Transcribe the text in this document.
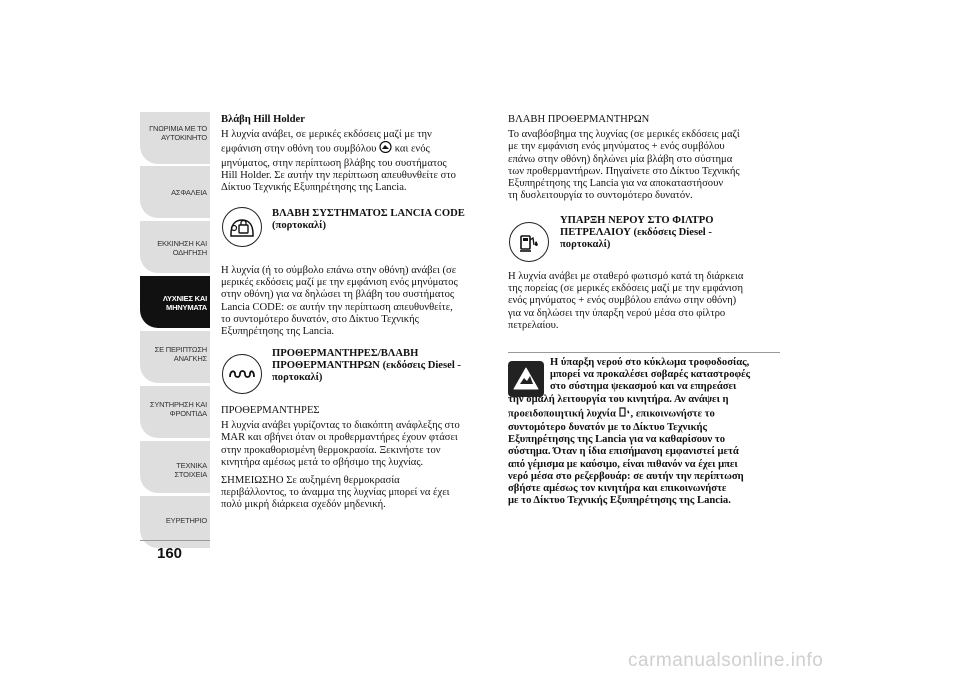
ΓΝΩΡΙΜΙΑ ΜΕ ΤΟ
ΑΥΤΟΚΙΝΗΤΟ
ΑΣΦΑΛΕΙΑ
ΕΚΚΙΝΗΣΗ ΚΑΙ
ΟΔΗΓΗΣΗ
ΛΥΧΝΙΕΣ ΚΑΙ
ΜΗΝΥΜΑΤΑ
ΣΕ ΠΕΡΙΠΤΩΣΗ
ΑΝΑΓΚΗΣ
ΣΥΝΤΗΡΗΣΗ ΚΑΙ
ΦΡΟΝΤΙΔΑ
ΤΕΧΝΙΚΑ ΣΤΟΙΧΕΙΑ
ΕΥΡΕΤΗΡΙΟ
160

Βλάβη Hill Holder

Η λυχνία ανάβει, σε μερικές εκδόσεις μαζί με την

εμφάνιση στην οθόνη του συμβόλου και ενός

μηνύματος, στην περίπτωση βλάβης του συστήματος

Hill Holder. Σε αυτήν την περίπτωση απευθυνθείτε στο

Δίκτυο Τεχνικής Εξυπηρέτησης της Lancia.

ΒΛΑΒΗ ΣΥΣΤΗΜΑΤΟΣ LANCIA CODE
(πορτοκαλί)

Η λυχνία (ή το σύμβολο επάνω στην οθόνη) ανάβει (σε

μερικές εκδόσεις μαζί με την εμφάνιση ενός μηνύματος

στην οθόνη) για να δηλώσει τη βλάβη του συστήματος

Lancia CODE: σε αυτήν την περίπτωση απευθυνθείτε,

το συντομότερο δυνατόν, στο Δίκτυο Τεχνικής

Εξυπηρέτησης της Lancia.

ΠΡΟΘΕΡΜΑΝΤΗΡΕΣ/ΒΛΑΒΗ
ΠΡΟΘΕΡΜΑΝΤΗΡΩΝ (εκδόσεις Diesel -
πορτοκαλί)

ΠΡΟΘΕΡΜΑΝΤΗΡΕΣ

Η λυχνία ανάβει γυρίζοντας το διακόπτη ανάφλεξης στο

MAR και σβήνει όταν οι προθερμαντήρες έχουν φτάσει

στην προκαθορισμένη θερμοκρασία. Ξεκινήστε τον

κινητήρα αμέσως μετά το σβήσιμο της λυχνίας.

ΣΗΜΕΙΩΣΗΟ Σε αυξημένη θερμοκρασία

περιβάλλοντος, το άναμμα της λυχνίας μπορεί να έχει

πολύ μικρή διάρκεια σχεδόν μηδενική.

ΒΛΑΒΗ ΠΡΟΘΕΡΜΑΝΤΗΡΩΝ

Το αναβόσβημα της λυχνίας (σε μερικές εκδόσεις μαζί

με την εμφάνιση ενός μηνύματος + ενός συμβόλου

επάνω στην οθόνη) δηλώνει μία βλάβη στο σύστημα

των προθερμαντήρων. Πηγαίνετε στο Δίκτυο Τεχνικής

Εξυπηρέτησης της Lancia για να αποκαταστήσουν

τη δυσλειτουργία το συντομότερο δυνατόν.

ΥΠΑΡΞΗ ΝΕΡΟΥ ΣΤΟ ΦΙΛΤΡΟ
ΠΕΤΡΕΛΑΙΟΥ (εκδόσεις Diesel -
πορτοκαλί)

Η λυχνία ανάβει με σταθερό φωτισμό κατά τη διάρκεια

της πορείας (σε μερικές εκδόσεις μαζί με την εμφάνιση

ενός μηνύματος + ενός συμβόλου επάνω στην οθόνη)

για να δηλώσει την ύπαρξη νερού μέσα στο φίλτρο

πετρελαίου.

Η ύπαρξη νερού στο κύκλωμα τροφοδοσίας,

μπορεί να προκαλέσει σοβαρές καταστροφές

στο σύστημα ψεκασμού και να επηρεάσει

την ομαλή λειτουργία του κινητήρα. Αν ανάψει η

προειδοποιητική λυχνία , επικοινωνήστε το

συντομότερο δυνατόν με το Δίκτυο Τεχνικής

Εξυπηρέτησης της Lancia για να καθαρίσουν το

σύστημα. Όταν η ίδια επισήμανση εμφανιστεί μετά

από γέμισμα με καύσιμο, είναι πιθανόν να έχει μπει

νερό μέσα στο ρεζερβουάρ: σε αυτήν την περίπτωση

σβήστε αμέσως τον κινητήρα και επικοινωνήστε

με το Δίκτυο Τεχνικής Εξυπηρέτησης της Lancia.

carmanualsonline.info
